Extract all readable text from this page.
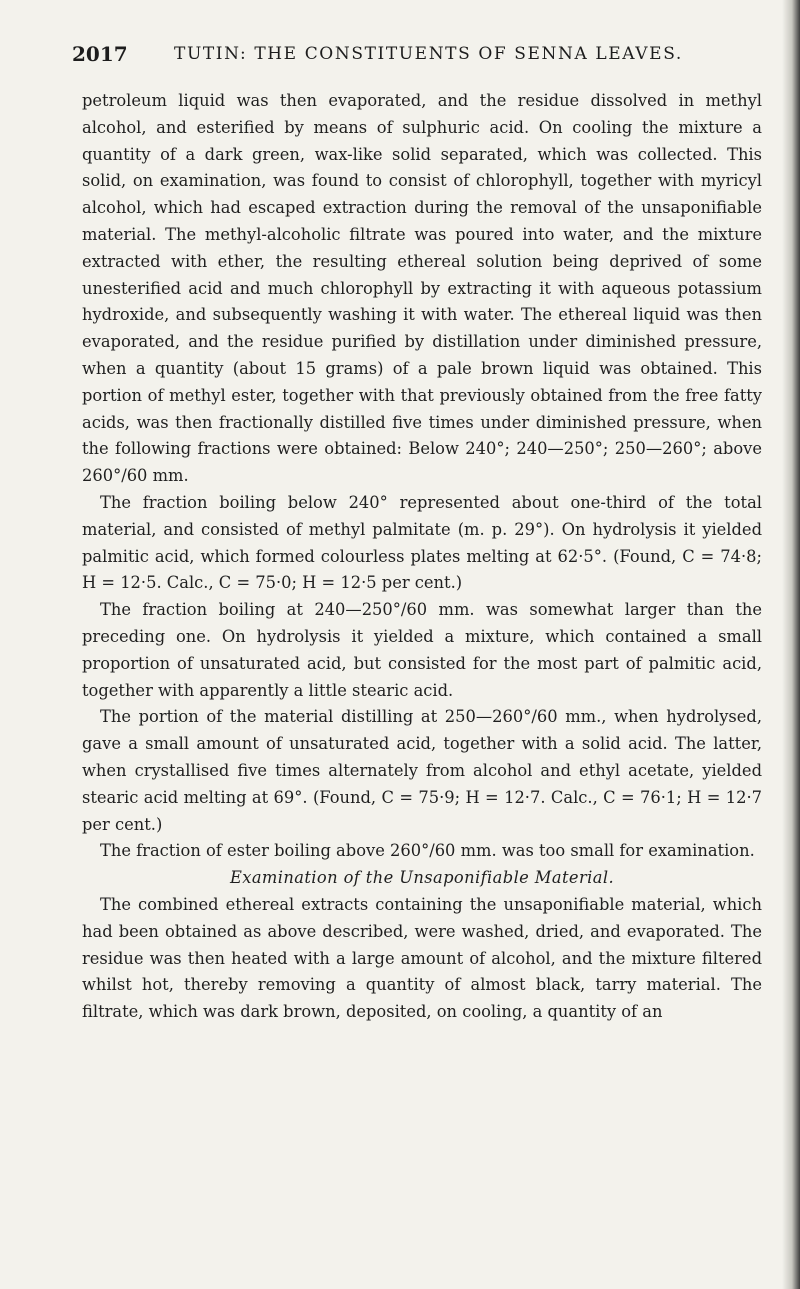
2017	TUTIN: THE CONSTITUENTS OF SENNA LEAVES.

petroleum liquid was then evaporated, and the residue dissolved in methyl alcohol, and esterified by means of sulphuric acid. On cooling the mixture a quantity of a dark green, wax-like solid separated, which was collected. This solid, on examination, was found to consist of chlorophyll, together with myricyl alcohol, which had escaped extraction during the removal of the unsaponifiable material. The methyl-alcoholic filtrate was poured into water, and the mixture extracted with ether, the resulting ethereal solution being deprived of some unesterified acid and much chlorophyll by extracting it with aqueous potassium hydroxide, and subsequently washing it with water. The ethereal liquid was then evaporated, and the residue purified by distillation under diminished pressure, when a quantity (about 15 grams) of a pale brown liquid was obtained. This portion of methyl ester, together with that previously obtained from the free fatty acids, was then fractionally distilled five times under diminished pressure, when the following fractions were obtained: Below 240°; 240—250°; 250—260°; above 260°/60 mm.

The fraction boiling below 240° represented about one-third of the total material, and consisted of methyl palmitate (m. p. 29°). On hydrolysis it yielded palmitic acid, which formed colourless plates melting at 62·5°. (Found, C = 74·8; H = 12·5. Calc., C = 75·0; H = 12·5 per cent.)

The fraction boiling at 240—250°/60 mm. was somewhat larger than the preceding one. On hydrolysis it yielded a mixture, which contained a small proportion of unsaturated acid, but consisted for the most part of palmitic acid, together with apparently a little stearic acid.

The portion of the material distilling at 250—260°/60 mm., when hydrolysed, gave a small amount of unsaturated acid, together with a solid acid. The latter, when crystallised five times alternately from alcohol and ethyl acetate, yielded stearic acid melting at 69°. (Found, C = 75·9; H = 12·7. Calc., C = 76·1; H = 12·7 per cent.)

The fraction of ester boiling above 260°/60 mm. was too small for examination.

Examination of the Unsaponifiable Material.

The combined ethereal extracts containing the unsaponifiable material, which had been obtained as above described, were washed, dried, and evaporated. The residue was then heated with a large amount of alcohol, and the mixture filtered whilst hot, thereby removing a quantity of almost black, tarry material. The filtrate, which was dark brown, deposited, on cooling, a quantity of an
